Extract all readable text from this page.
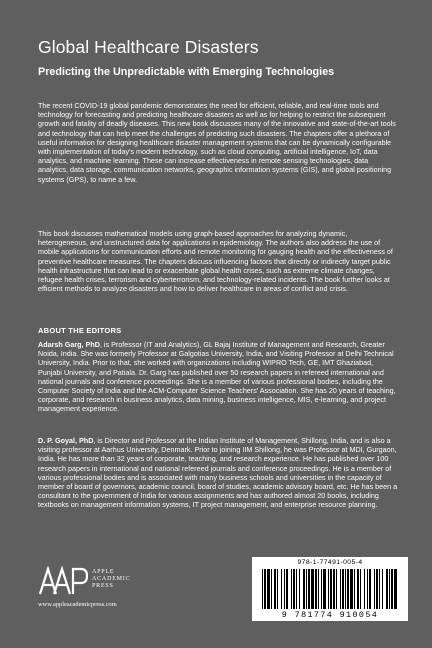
Global Healthcare Disasters
Predicting the Unpredictable with Emerging Technologies

The recent COVID-19 global pandemic demonstrates the need for efficient, reliable, and real-time tools and technology for forecasting and predicting healthcare disasters as well as for helping to restrict the subsequent growth and fatality of deadly diseases. This new book discusses many of the innovative and state-of-the-art tools and technology that can help meet the challenges of predicting such disasters. The chapters offer a plethora of useful information for designing healthcare disaster management systems that can be dynamically configurable with implementation of today's modern technology, such as cloud computing, artificial intelligence, IoT, data analytics, and machine learning. These can increase effectiveness in remote sensing technologies, data analytics, data storage, communication networks, geographic information systems (GIS), and global positioning systems (GPS), to name a few.

This book discusses mathematical models using graph-based approaches for analyzing dynamic, heterogeneous, and unstructured data for applications in epidemiology. The authors also address the use of mobile applications for communication efforts and remote monitoring for gauging health and the effectiveness of preventive healthcare measures. The chapters discuss influencing factors that directly or indirectly target public health infrastructure that can lead to or exacerbate global health crises, such as extreme climate changes, refugee health crises, terrorism and cyberterrorism, and technology-related incidents. The book further looks at efficient methods to analyze disasters and how to deliver healthcare in areas of conflict and crisis.

ABOUT THE EDITORS

Adarsh Garg, PhD, is Professor (IT and Analytics), GL Bajaj Institute of Management and Research, Greater Noida, India. She was formerly Professor at Galgotias University, India, and Visiting Professor at Delhi Technical University, India. Prior to that, she worked with organizations including WIPRO Tech, GE, IMT Ghaziabad, Punjabi University, and Patiala. Dr. Garg has published over 50 research papers in refereed international and national journals and conference proceedings. She is a member of various professional bodies, including the Computer Society of India and the ACM-Computer Science Teachers' Association. She has 20 years of teaching, corporate, and research in business analytics, data mining, business intelligence, MIS, e-learning, and project management experience.

D. P. Goyal, PhD, is Director and Professor at the Indian Institute of Management, Shillong, India, and is also a visiting professor at Aarhus University, Denmark. Prior to joining IIM Shillong, he was Professor at MDI, Gurgaon, India. He has more than 32 years of corporate, teaching, and research experience. He has published over 100 research papers in international and national refereed journals and conference proceedings. He is a member of various professional bodies and is associated with many business schools and universities in the capacity of member of board of governors, academic council, board of studies, academic advisory board, etc. He has been a consultant to the government of India for various assignments and has authored almost 20 books, including textbooks on management information systems, IT project management, and enterprise resource planning.

APPLE
ACADEMIC
PRESS
www.appleacademicpress.com
978-1-77491-005-4
9 781774 910054
